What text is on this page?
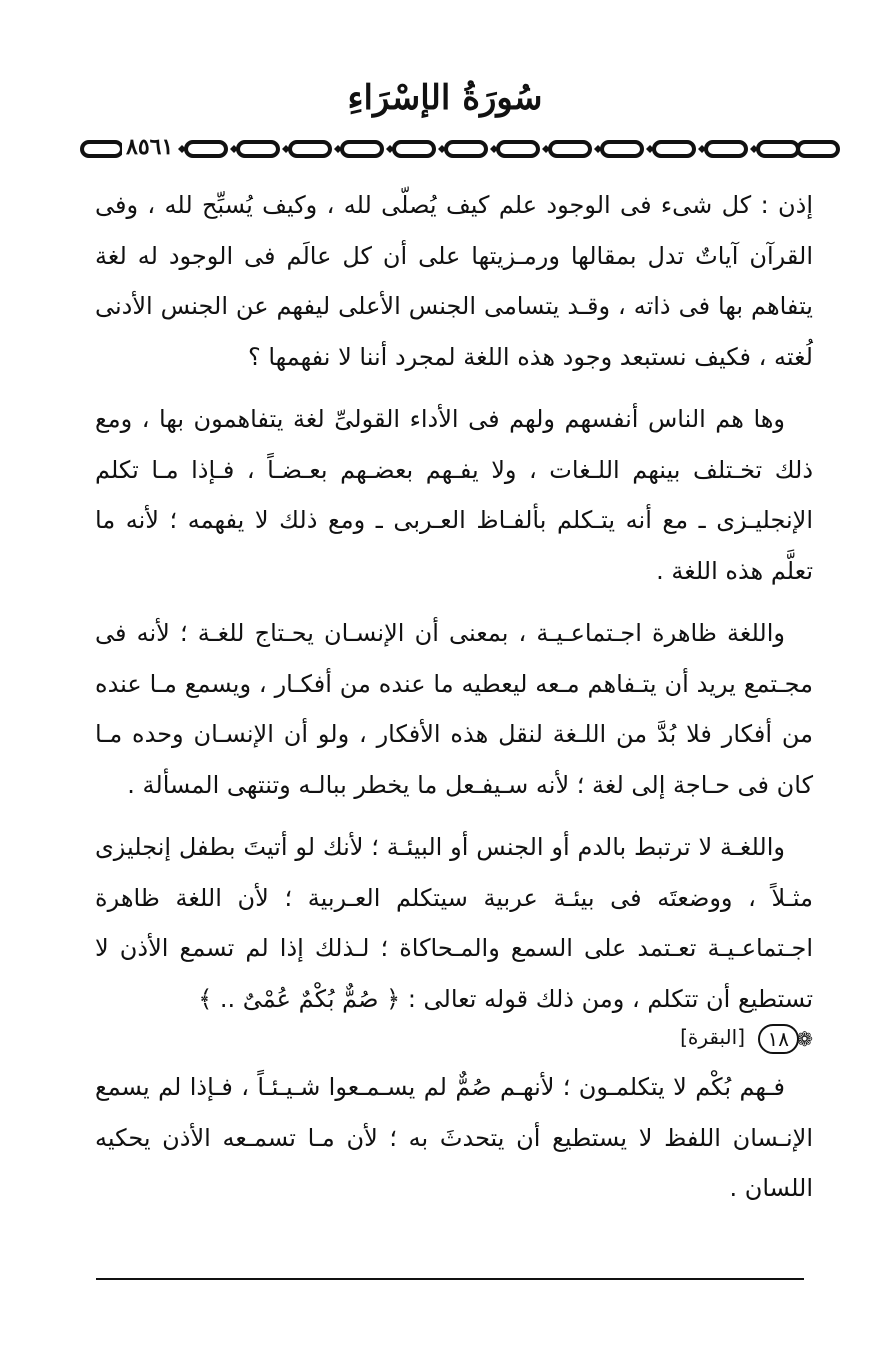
سُورَةُ الإسْرَاءِ
٨٥٦١

إذن : كل شىء فى الوجود علم كيف يُصلّى لله ، وكيف يُسبِّح لله ، وفى القرآن آياتٌ تدل بمقالها ورمـزيتها على أن كل عالَم فى الوجود له لغة يتفاهم بها فى ذاته ، وقـد يتسامى الجنس الأعلى ليفهم عن الجنس الأدنى لُغته ، فكيف نستبعد وجود هذه اللغة لمجرد أننا لا نفهمها ؟

وها هم الناس أنفسهم ولهم فى الأداء القولىِّ لغة يتفاهمون بها ، ومع ذلك تخـتلف بينهم اللـغات ، ولا يفـهم بعضـهم بعـضـاً ، فـإذا مـا تكلم الإنجليـزى ـ مع أنه يتـكلم بألفـاظ العـربى ـ ومع ذلك لا يفهمه ؛ لأنه ما تعلَّم هذه اللغة .

واللغة ظاهرة اجـتماعـيـة ، بمعنى أن الإنسـان يحـتاج للغـة ؛ لأنه فى مجـتمع يريد أن يتـفاهم مـعه ليعطيه ما عنده من أفكـار ، ويسمع مـا عنده من أفكار فلا بُدَّ من اللـغة لنقل هذه الأفكار ، ولو أن الإنسـان وحده مـا كان فى حـاجة إلى لغة ؛ لأنه سـيفـعل ما يخطر ببالـه وتنتهى المسألة .

واللغـة لا ترتبط بالدم أو الجنس أو البيئـة ؛ لأنك لو أتيتَ بطفل إنجليزى مثـلاً ، ووضعتَه فى بيئـة عربية سيتكلم العـربية ؛ لأن اللغة ظاهرة اجـتماعـيـة تعـتمد على السمع والمـحاكاة ؛ لـذلك إذا لم تسمع الأذن لا تستطيع أن تتكلم ، ومن ذلك قوله تعالى : ﴿ صُمٌّ بُكْمٌ عُمْىٌ .. ﴾

❁
١٨
[البقرة]

فـهم بُكْم لا يتكلمـون ؛ لأنهـم صُمٌّ لم يسـمـعوا شـيـئـاً ، فـإذا لم يسمع الإنـسان اللفظ لا يستطيع أن يتحدثَ به ؛ لأن مـا تسمـعه الأذن يحكيه اللسان .
